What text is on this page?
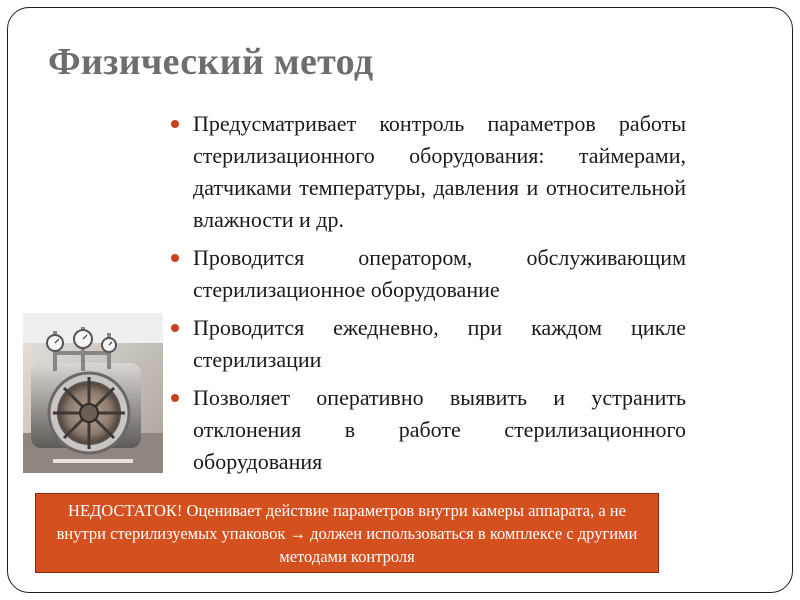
Физический метод
Предусматривает контроль параметров работы стерилизационного оборудования: таймерами, датчиками температуры, давления и относительной влажности и др.
Проводится оператором, обслуживающим стерилизационное оборудование
Проводится ежедневно, при каждом цикле стерилизации
Позволяет оперативно выявить и устранить отклонения в работе стерилизационного оборудования
НЕДОСТАТОК! Оценивает действие параметров внутри камеры аппарата, а не внутри стерилизуемых упаковок → должен использоваться в комплексе с другими методами контроля
